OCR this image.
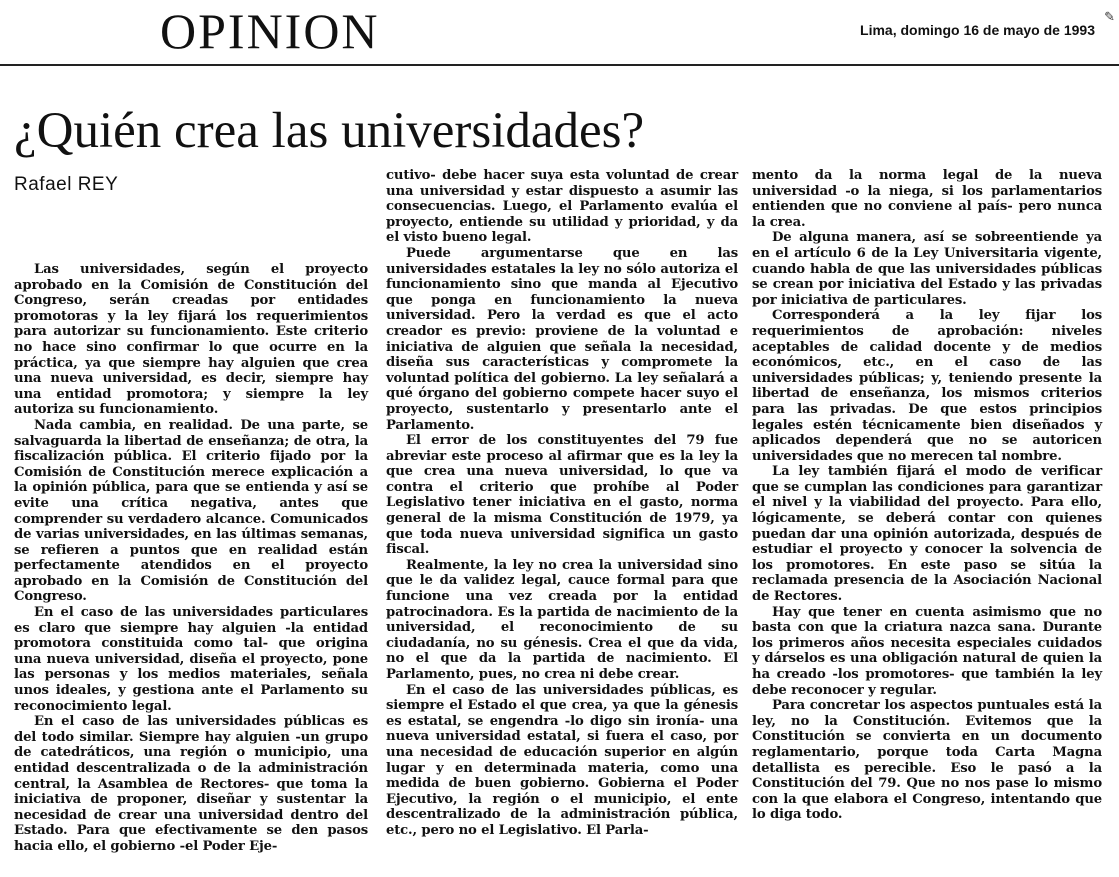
OPINION	Lima, domingo 16 de mayo de 1993
✎
¿Quién crea las universidades?
Rafael REY

Las universidades, según el proyecto aprobado en la Comisión de Constitución del Congreso, serán creadas por entidades promotoras y la ley fijará los requerimientos para autorizar su funcionamiento. Este criterio no hace sino confirmar lo que ocurre en la práctica, ya que siempre hay alguien que crea una nueva universidad, es decir, siempre hay una entidad promotora; y siempre la ley autoriza su funcionamiento.

Nada cambia, en realidad. De una parte, se salvaguarda la libertad de enseñanza; de otra, la fiscalización pública. El criterio fijado por la Comisión de Constitución merece explicación a la opinión pública, para que se entienda y así se evite una crítica negativa, antes que comprender su verdadero alcance. Comunicados de varias universidades, en las últimas semanas, se refieren a puntos que en realidad están perfectamente atendidos en el proyecto aprobado en la Comisión de Constitución del Congreso.

En el caso de las universidades particulares es claro que siempre hay alguien -la entidad promotora constituida como tal- que origina una nueva universidad, diseña el proyecto, pone las personas y los medios materiales, señala unos ideales, y gestiona ante el Parlamento su reconocimiento legal.

En el caso de las universidades públicas es del todo similar. Siempre hay alguien -un grupo de catedráticos, una región o municipio, una entidad descentralizada o de la administración central, la Asamblea de Rectores- que toma la iniciativa de proponer, diseñar y sustentar la necesidad de crear una universidad dentro del Estado. Para que efectivamente se den pasos hacia ello, el gobierno -el Poder Eje-

cutivo- debe hacer suya esta voluntad de crear una universidad y estar dispuesto a asumir las consecuencias. Luego, el Parlamento evalúa el proyecto, entiende su utilidad y prioridad, y da el visto bueno legal.

Puede argumentarse que en las universidades estatales la ley no sólo autoriza el funcionamiento sino que manda al Ejecutivo que ponga en funcionamiento la nueva universidad. Pero la verdad es que el acto creador es previo: proviene de la voluntad e iniciativa de alguien que señala la necesidad, diseña sus características y compromete la voluntad política del gobierno. La ley señalará a qué órgano del gobierno compete hacer suyo el proyecto, sustentarlo y presentarlo ante el Parlamento.

El error de los constituyentes del 79 fue abreviar este proceso al afirmar que es la ley la que crea una nueva universidad, lo que va contra el criterio que prohíbe al Poder Legislativo tener iniciativa en el gasto, norma general de la misma Constitución de 1979, ya que toda nueva universidad significa un gasto fiscal.

Realmente, la ley no crea la universidad sino que le da validez legal, cauce formal para que funcione una vez creada por la entidad patrocinadora. Es la partida de nacimiento de la universidad, el reconocimiento de su ciudadanía, no su génesis. Crea el que da vida, no el que da la partida de nacimiento. El Parlamento, pues, no crea ni debe crear.

En el caso de las universidades públicas, es siempre el Estado el que crea, ya que la génesis es estatal, se engendra -lo digo sin ironía- una nueva universidad estatal, si fuera el caso, por una necesidad de educación superior en algún lugar y en determinada materia, como una medida de buen gobierno. Gobierna el Poder Ejecutivo, la región o el municipio, el ente descentralizado de la administración pública, etc., pero no el Legislativo. El Parla-

mento da la norma legal de la nueva universidad -o la niega, si los parlamentarios entienden que no conviene al país- pero nunca la crea.

De alguna manera, así se sobreentiende ya en el artículo 6 de la Ley Universitaria vigente, cuando habla de que las universidades públicas se crean por iniciativa del Estado y las privadas por iniciativa de particulares.

Corresponderá a la ley fijar los requerimientos de aprobación: niveles aceptables de calidad docente y de medios económicos, etc., en el caso de las universidades públicas; y, teniendo presente la libertad de enseñanza, los mismos criterios para las privadas. De que estos principios legales estén técnicamente bien diseñados y aplicados dependerá que no se autoricen universidades que no merecen tal nombre.

La ley también fijará el modo de verificar que se cumplan las condiciones para garantizar el nivel y la viabilidad del proyecto. Para ello, lógicamente, se deberá contar con quienes puedan dar una opinión autorizada, después de estudiar el proyecto y conocer la solvencia de los promotores. En este paso se sitúa la reclamada presencia de la Asociación Nacional de Rectores.

Hay que tener en cuenta asimismo que no basta con que la criatura nazca sana. Durante los primeros años necesita especiales cuidados y dárselos es una obligación natural de quien la ha creado -los promotores- que también la ley debe reconocer y regular.

Para concretar los aspectos puntuales está la ley, no la Constitución. Evitemos que la Constitución se convierta en un documento reglamentario, porque toda Carta Magna detallista es perecible. Eso le pasó a la Constitución del 79. Que no nos pase lo mismo con la que elabora el Congreso, intentando que lo diga todo.
